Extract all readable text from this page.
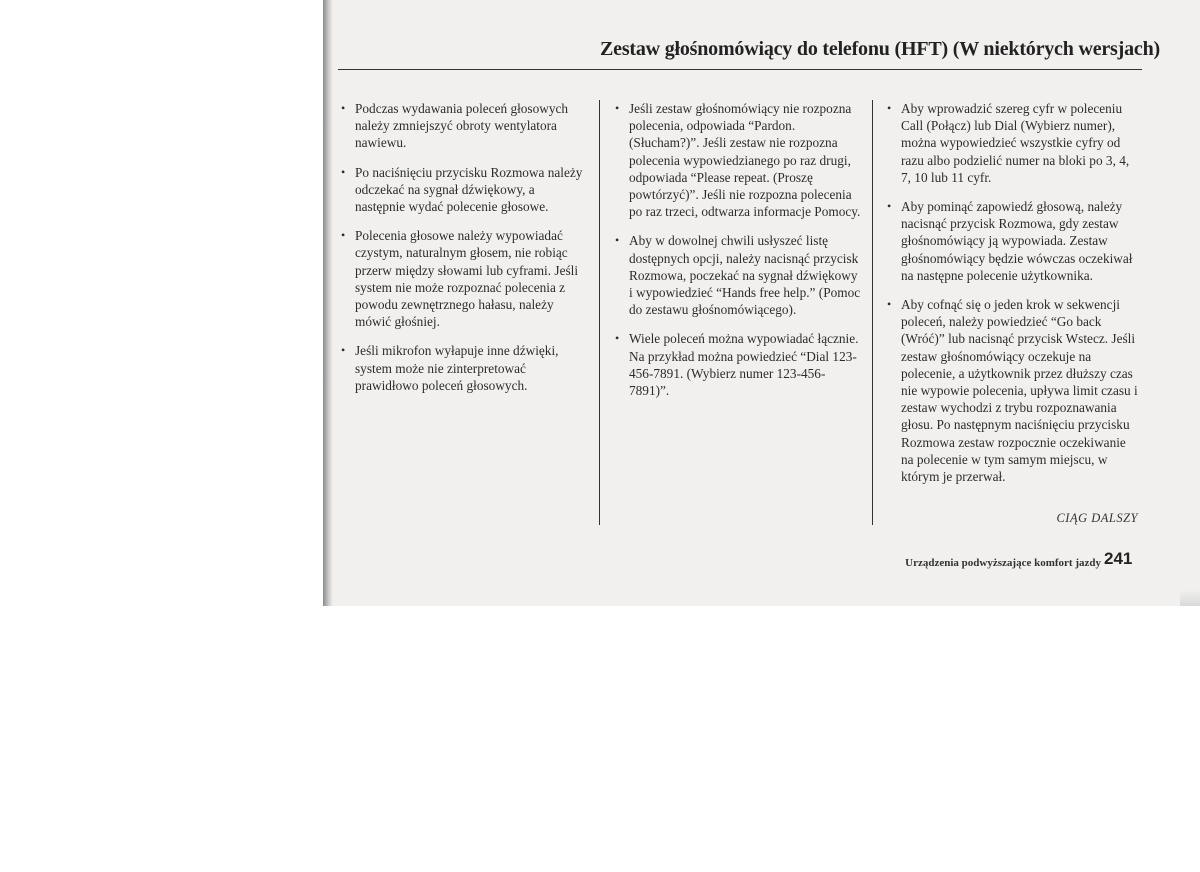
Zestaw głośnomówiący do telefonu (HFT) (W niektórych wersjach)
• Podczas wydawania poleceń głosowych należy zmniejszyć obroty wentylatora nawiewu.
• Po naciśnięciu przycisku Rozmowa należy odczekać na sygnał dźwiękowy, a następnie wydać polecenie głosowe.
• Polecenia głosowe należy wypowiadać czystym, naturalnym głosem, nie robiąc przerw między słowami lub cyframi. Jeśli system nie może rozpoznać polecenia z powodu zewnętrznego hałasu, należy mówić głośniej.
• Jeśli mikrofon wyłapuje inne dźwięki, system może nie zinterpretować prawidłowo poleceń głosowych.
• Jeśli zestaw głośnomówiący nie rozpozna polecenia, odpowiada “Pardon. (Słucham?)”. Jeśli zestaw nie rozpozna polecenia wypowiedzianego po raz drugi, odpowiada “Please repeat. (Proszę powtórzyć)”. Jeśli nie rozpozna polecenia po raz trzeci, odtwarza informacje Pomocy.
• Aby w dowolnej chwili usłyszeć listę dostępnych opcji, należy nacisnąć przycisk Rozmowa, poczekać na sygnał dźwiękowy i wypowiedzieć “Hands free help.” (Pomoc do zestawu głośnomówiącego).
• Wiele poleceń można wypowiadać łącznie. Na przykład można powiedzieć “Dial 123-456-7891. (Wybierz numer 123-456-7891)”.
• Aby wprowadzić szereg cyfr w poleceniu Call (Połącz) lub Dial (Wybierz numer), można wypowiedzieć wszystkie cyfry od razu albo podzielić numer na bloki po 3, 4, 7, 10 lub 11 cyfr.
• Aby pominąć zapowiedź głosową, należy nacisnąć przycisk Rozmowa, gdy zestaw głośnomówiący ją wypowiada. Zestaw głośnomówiący będzie wówczas oczekiwał na następne polecenie użytkownika.
• Aby cofnąć się o jeden krok w sekwencji poleceń, należy powiedzieć “Go back (Wróć)” lub nacisnąć przycisk Wstecz. Jeśli zestaw głośnomówiący oczekuje na polecenie, a użytkownik przez dłuższy czas nie wypowie polecenia, upływa limit czasu i zestaw wychodzi z trybu rozpoznawania głosu. Po następnym naciśnięciu przycisku Rozmowa zestaw rozpocznie oczekiwanie na polecenie w tym samym miejscu, w którym je przerwał.
CIĄG DALSZY
Urządzenia podwyższające komfort jazdy 241
